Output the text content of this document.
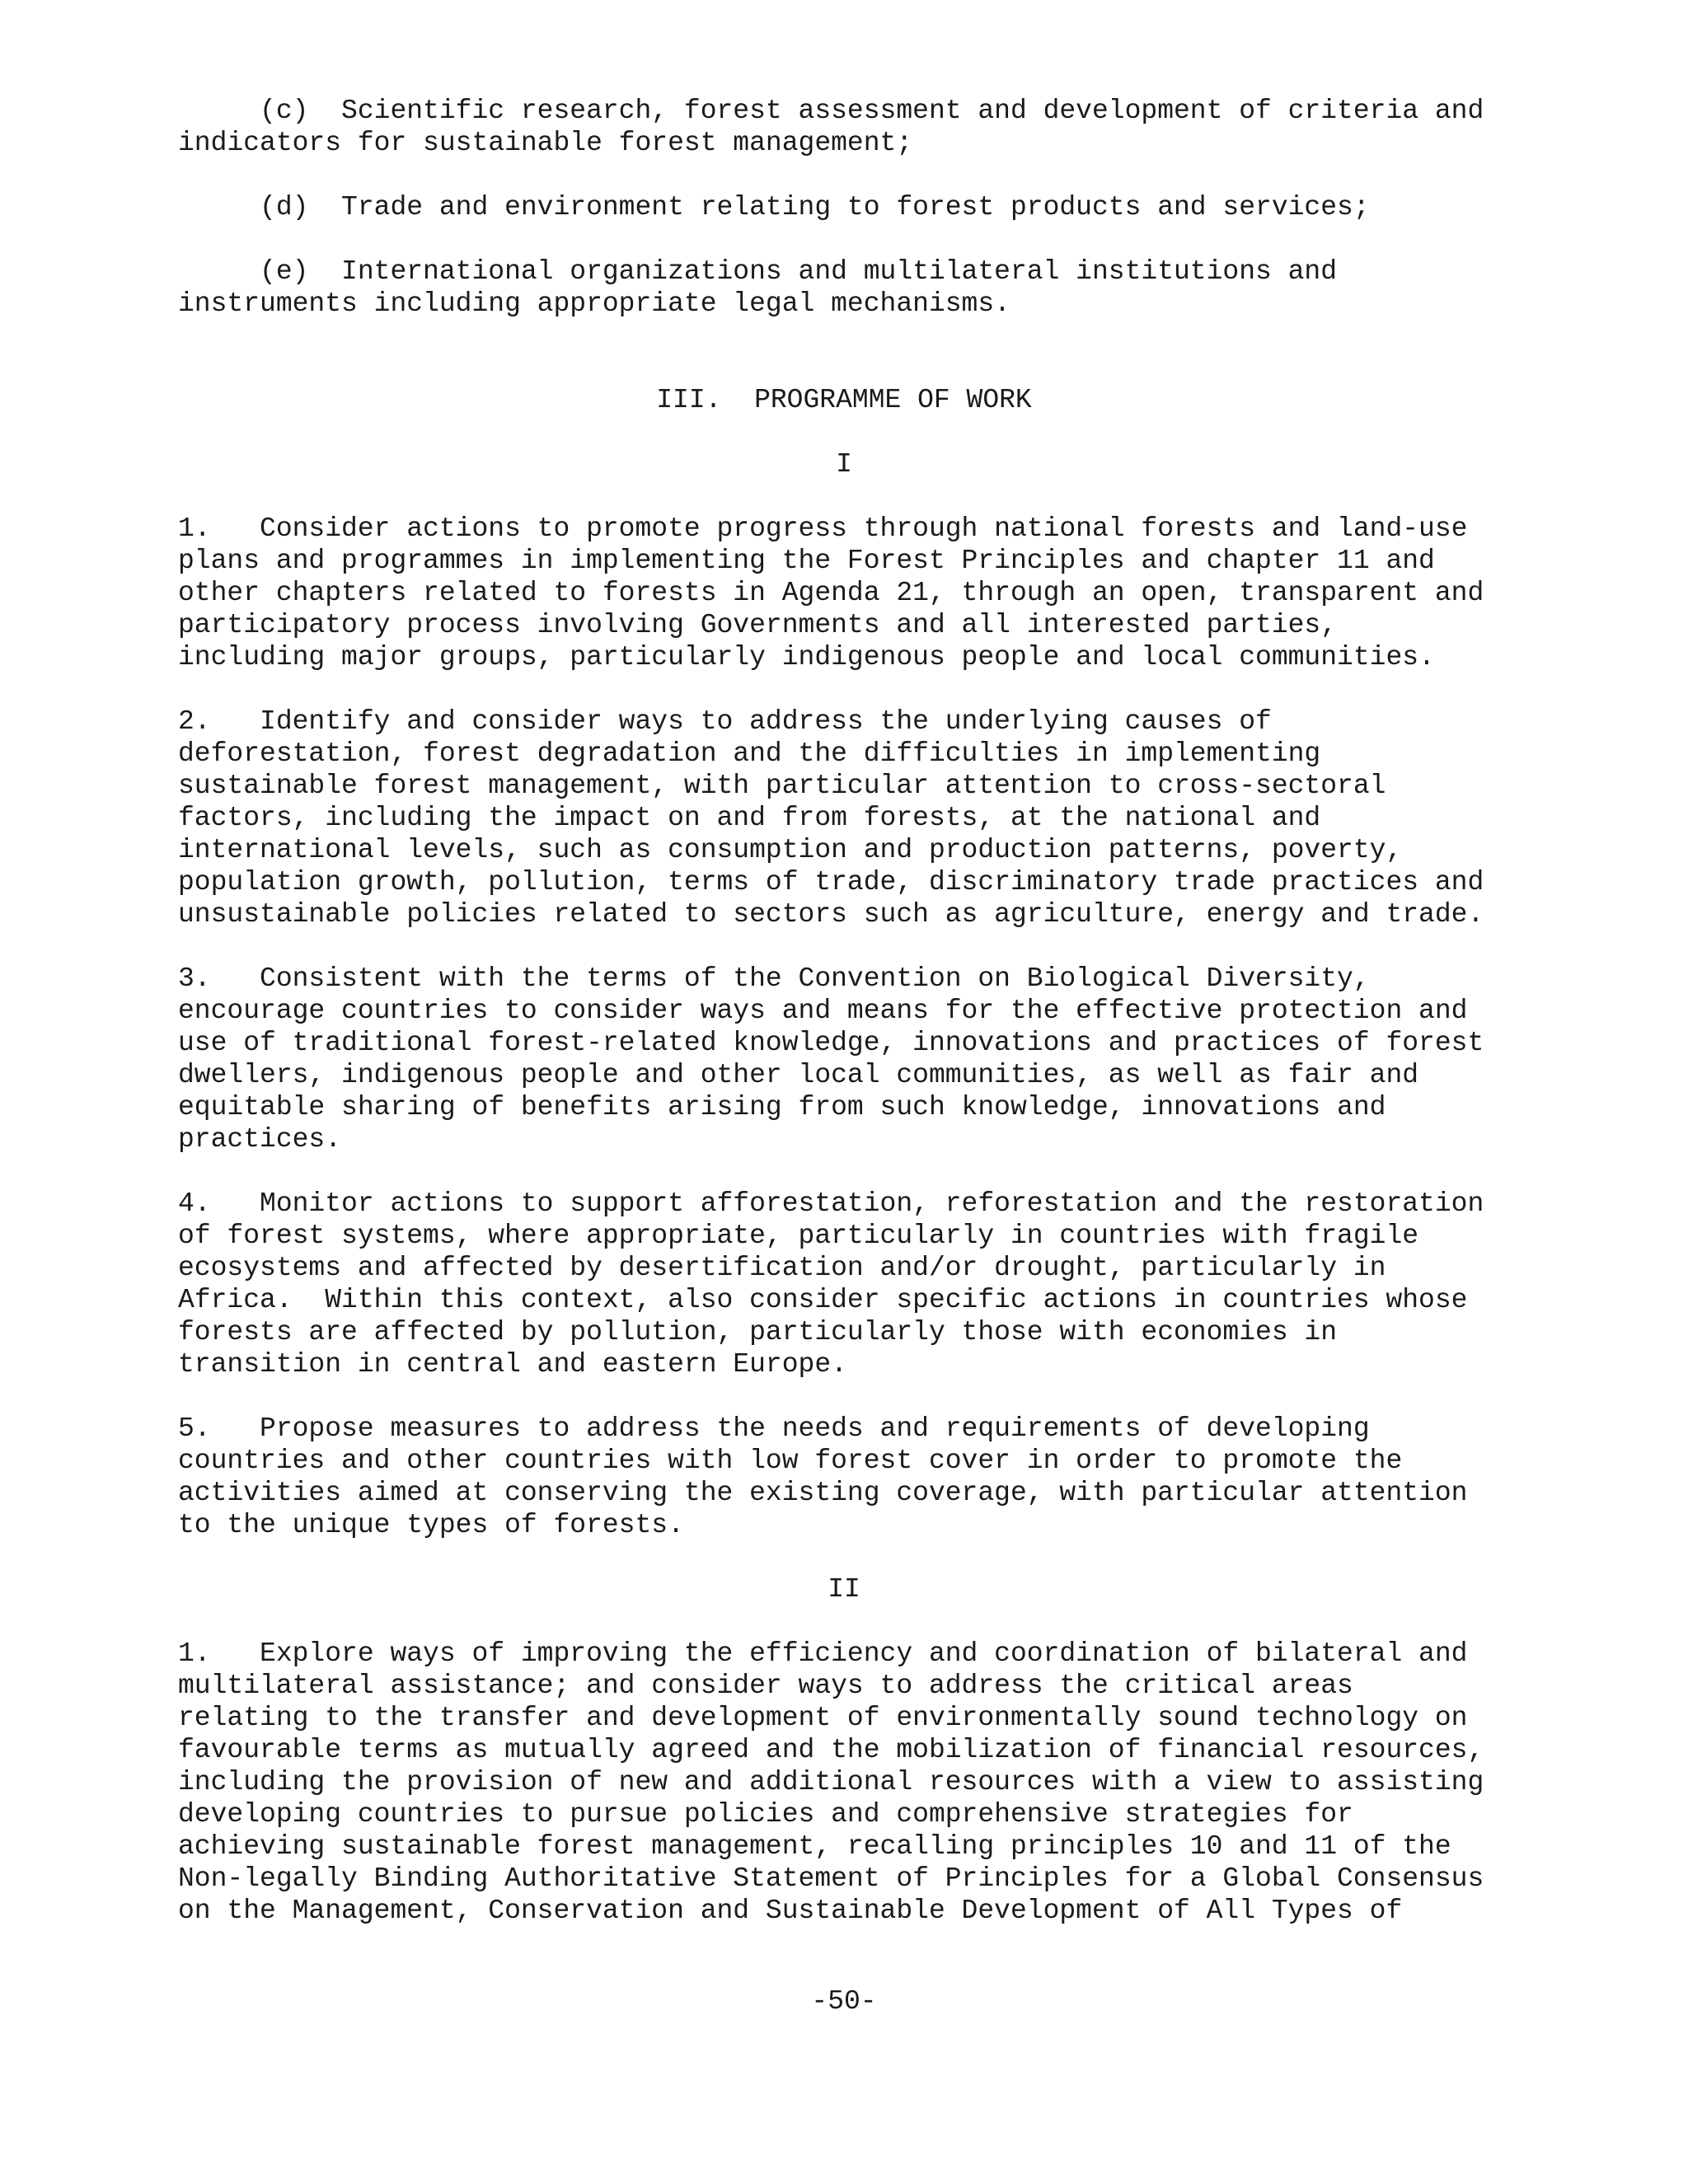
(c)  Scientific research, forest assessment and development of criteria and

indicators for sustainable forest management;

(d)  Trade and environment relating to forest products and services;

(e)  International organizations and multilateral institutions and

instruments including appropriate legal mechanisms.

III.  PROGRAMME OF WORK

I

1.   Consider actions to promote progress through national forests and land-use

plans and programmes in implementing the Forest Principles and chapter 11 and

other chapters related to forests in Agenda 21, through an open, transparent and

participatory process involving Governments and all interested parties,

including major groups, particularly indigenous people and local communities.

2.   Identify and consider ways to address the underlying causes of

deforestation, forest degradation and the difficulties in implementing

sustainable forest management, with particular attention to cross-sectoral

factors, including the impact on and from forests, at the national and

international levels, such as consumption and production patterns, poverty,

population growth, pollution, terms of trade, discriminatory trade practices and

unsustainable policies related to sectors such as agriculture, energy and trade.

3.   Consistent with the terms of the Convention on Biological Diversity,

encourage countries to consider ways and means for the effective protection and

use of traditional forest-related knowledge, innovations and practices of forest

dwellers, indigenous people and other local communities, as well as fair and

equitable sharing of benefits arising from such knowledge, innovations and

practices.

4.   Monitor actions to support afforestation, reforestation and the restoration

of forest systems, where appropriate, particularly in countries with fragile

ecosystems and affected by desertification and/or drought, particularly in

Africa.  Within this context, also consider specific actions in countries whose

forests are affected by pollution, particularly those with economies in

transition in central and eastern Europe.

5.   Propose measures to address the needs and requirements of developing

countries and other countries with low forest cover in order to promote the

activities aimed at conserving the existing coverage, with particular attention

to the unique types of forests.

II

1.   Explore ways of improving the efficiency and coordination of bilateral and

multilateral assistance; and consider ways to address the critical areas

relating to the transfer and development of environmentally sound technology on

favourable terms as mutually agreed and the mobilization of financial resources,

including the provision of new and additional resources with a view to assisting

developing countries to pursue policies and comprehensive strategies for

achieving sustainable forest management, recalling principles 10 and 11 of the

Non-legally Binding Authoritative Statement of Principles for a Global Consensus

on the Management, Conservation and Sustainable Development of All Types of

-50-
